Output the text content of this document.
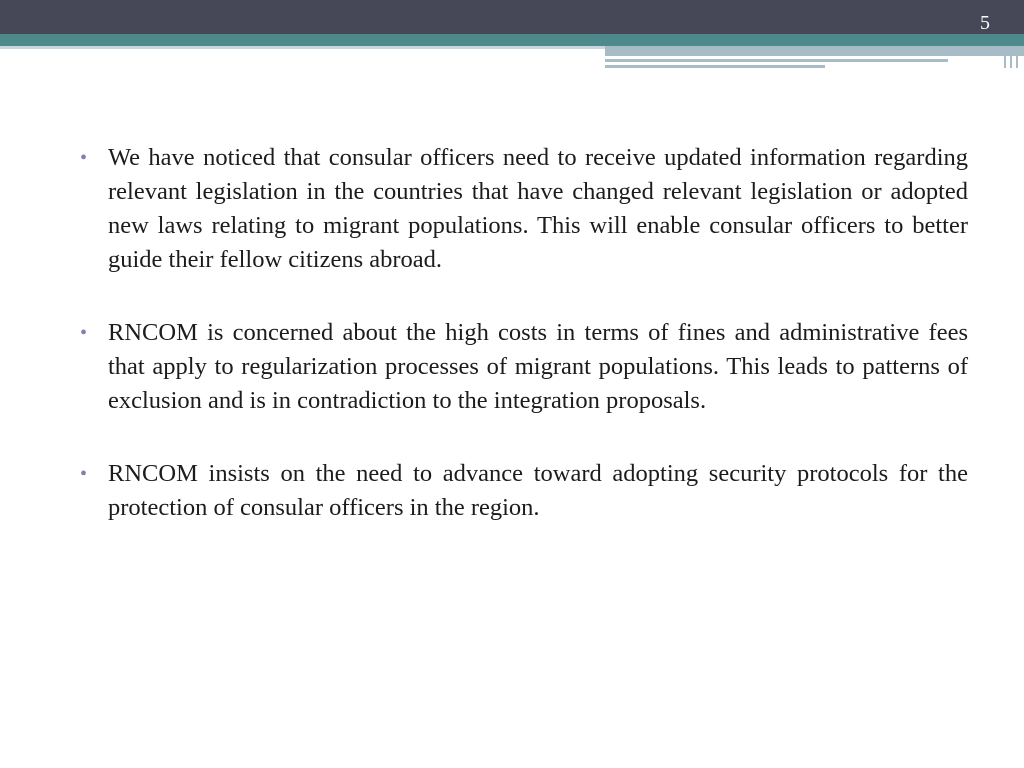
5
• We have noticed that consular officers need to receive updated information regarding relevant legislation in the countries that have changed relevant legislation or adopted new laws relating to migrant populations. This will enable consular officers to better guide their fellow citizens abroad.
• RNCOM is concerned about the high costs in terms of fines and administrative fees that apply to regularization processes of migrant populations. This leads to patterns of exclusion and is in contradiction to the integration proposals.
• RNCOM insists on the need to advance toward adopting security protocols for the protection of consular officers in the region.
